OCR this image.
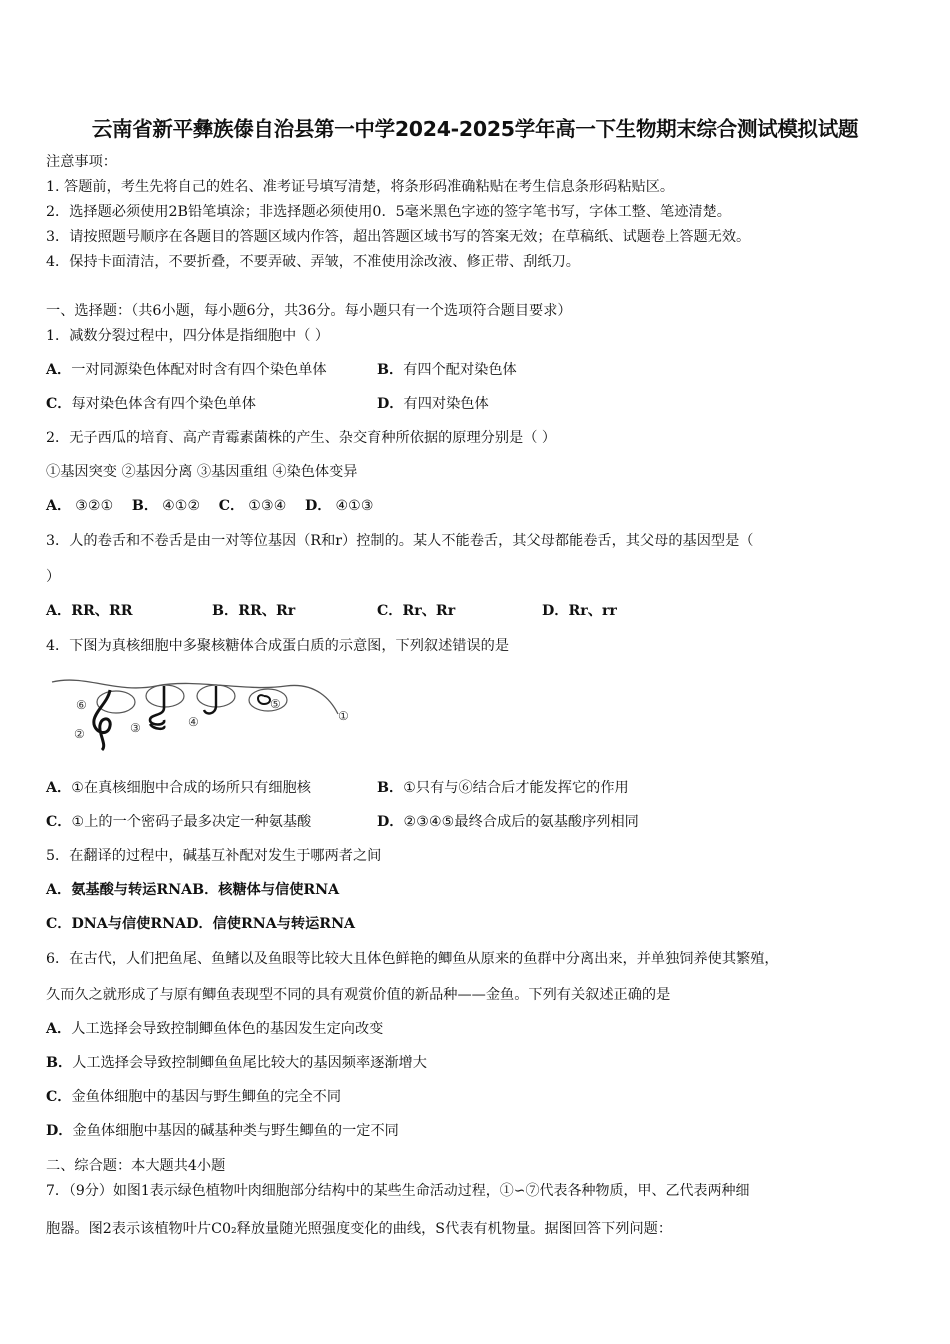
云南省新平彝族傣自治县第一中学2024-2025学年高一下生物期末综合测试模拟试题
注意事项：
1. 答题前，考生先将自己的姓名、准考证号填写清楚，将条形码准确粘贴在考生信息条形码粘贴区。
2．选择题必须使用2B铅笔填涂；非选择题必须使用0．5毫米黑色字迹的签字笔书写，字体工整、笔迹清楚。
3．请按照题号顺序在各题目的答题区域内作答，超出答题区域书写的答案无效；在草稿纸、试题卷上答题无效。
4．保持卡面清洁，不要折叠，不要弄破、弄皱，不准使用涂改液、修正带、刮纸刀。
一、选择题：（共6小题，每小题6分，共36分。每小题只有一个选项符合题目要求）
1．减数分裂过程中，四分体是指细胞中（ ）
A．一对同源染色体配对时含有四个染色单体	B．有四个配对染色体
C．每对染色体含有四个染色单体	D．有四对染色体
2．无子西瓜的培育、高产青霉素菌株的产生、杂交育种所依据的原理分别是（ ）
①基因突变 ②基因分离 ③基因重组 ④染色体变异
A． ③②① B． ④①② C． ①③④ D． ④①③
3．人的卷舌和不卷舌是由一对等位基因（R和r）控制的。某人不能卷舌，其父母都能卷舌，其父母的基因型是（
）
A．RR、RR	B．RR、Rr	C．Rr、Rr	D．Rr、rr
4．下图为真核细胞中多聚核糖体合成蛋白质的示意图，下列叙述错误的是
⑥
②	③	④
⑤
①
A．①在真核细胞中合成的场所只有细胞核	B．①只有与⑥结合后才能发挥它的作用
C．①上的一个密码子最多决定一种氨基酸	D．②③④⑤最终合成后的氨基酸序列相同
5．在翻译的过程中，碱基互补配对发生于哪两者之间
A．氨基酸与转运RNAB．核糖体与信使RNA
C．DNA与信使RNAD．信使RNA与转运RNA
6．在古代，人们把鱼尾、鱼鳍以及鱼眼等比较大且体色鲜艳的鲫鱼从原来的鱼群中分离出来，并单独饲养使其繁殖，
久而久之就形成了与原有鲫鱼表现型不同的具有观赏价值的新品种——金鱼。下列有关叙述正确的是
A．人工选择会导致控制鲫鱼体色的基因发生定向改变
B．人工选择会导致控制鲫鱼鱼尾比较大的基因频率逐渐增大
C．金鱼体细胞中的基因与野生鲫鱼的完全不同
D．金鱼体细胞中基因的碱基种类与野生鲫鱼的一定不同
二、综合题：本大题共4小题
7．（9分）如图1表示绿色植物叶肉细胞部分结构中的某些生命活动过程，①∽⑦代表各种物质，甲、乙代表两种细
胞器。图2表示该植物叶片C0₂释放量随光照强度变化的曲线，S代表有机物量。据图回答下列问题：
